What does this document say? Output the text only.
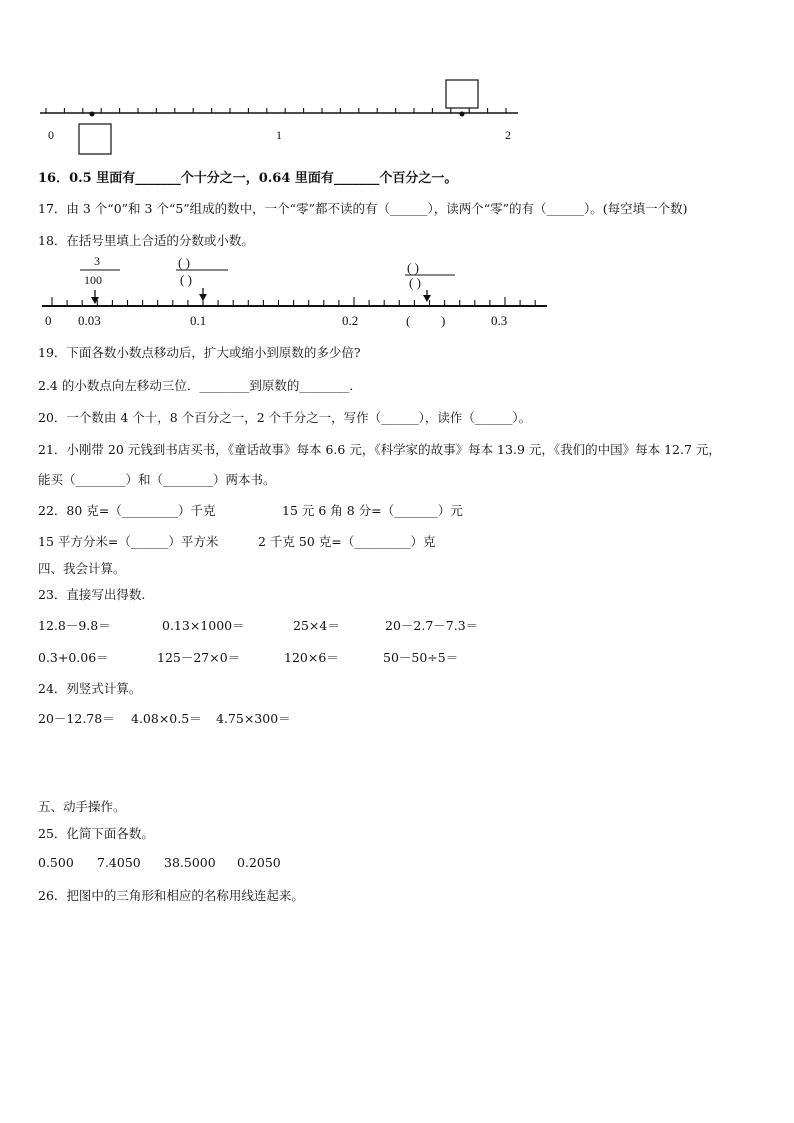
0	1	2
16．0.5 里面有_______个十分之一，0.64 里面有_______个百分之一。
17．由 3 个“0”和 3 个“5”组成的数中，一个“零”都不读的有（______），读两个“零”的有（______）。(每空填一个数)
18．在括号里填上合适的分数或小数。
3
100
( )
( )
( )
( )
0 0.03	0.1	0.2	( )	0.3
19．下面各数小数点移动后，扩大或缩小到原数的多少倍?
2.4 的小数点向左移动三位．________到原数的________．
20．一个数由 4 个十，8 个百分之一，2 个千分之一，写作（______），读作（______）。
21．小刚带 20 元钱到书店买书，《童话故事》每本 6.6 元，《科学家的故事》每本 13.9 元，《我们的中国》每本 12.7 元，
能买（________）和（________）两本书。
22．80 克=（_________）千克	15 元 6 角 8 分=（_______）元
15 平方分米=（______）平方米	2 千克 50 克=（_________）克
四、我会计算。
23．直接写出得数.
12.8－9.8＝	0.13×1000＝	25×4＝	20－2.7－7.3＝
0.3+0.06＝	125－27×0＝	120×6＝	50－50÷5＝
24．列竖式计算。
20－12.78＝ 4.08×0.5＝ 4.75×300＝
五、动手操作。
25．化简下面各数。
0.500 7.4050 38.5000 0.2050
26．把图中的三角形和相应的名称用线连起来。
